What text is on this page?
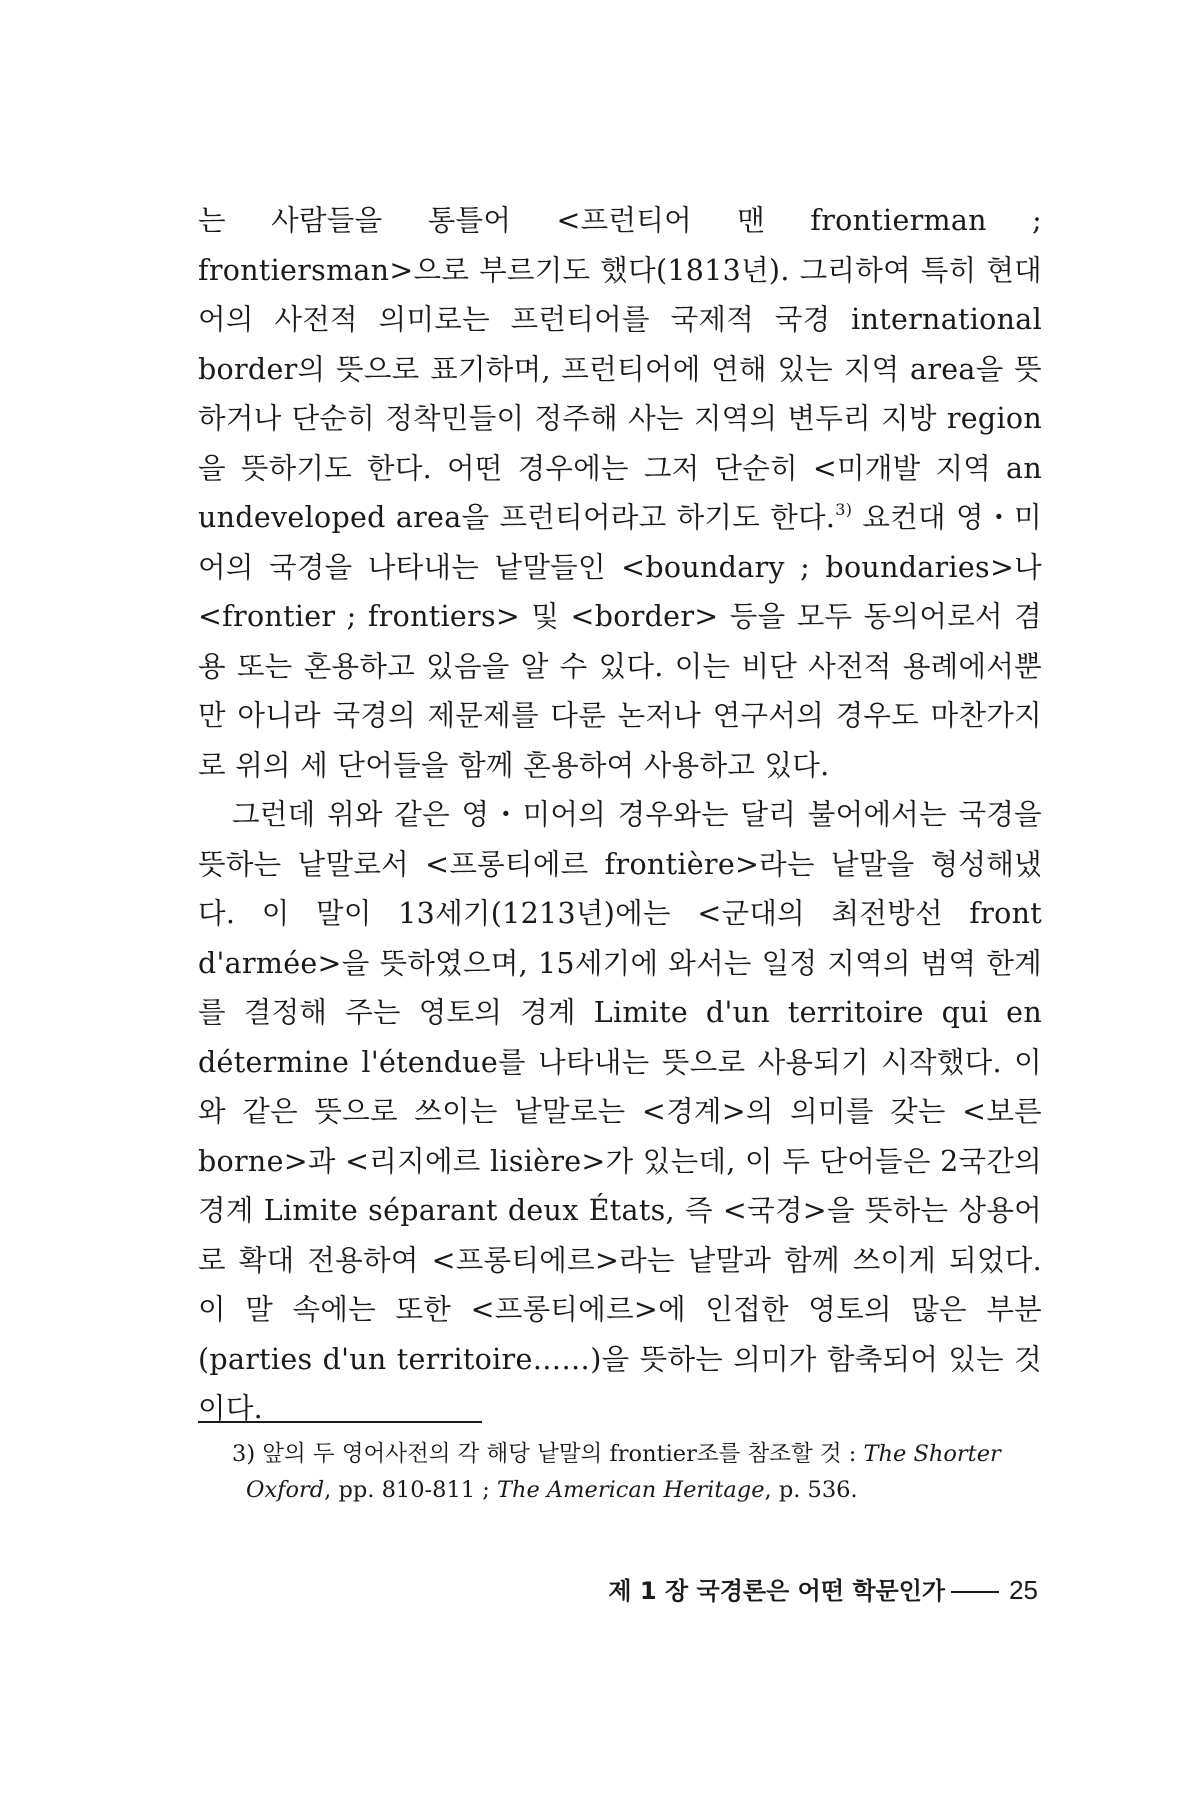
는 사람들을 통틀어 <프런티어 맨 frontierman ; frontiersman>으로 부르기도 했다(1813년). 그리하여 특히 현대어의 사전적 의미로는 프런티어를 국제적 국경 international border의 뜻으로 표기하며, 프런티어에 연해 있는 지역 area을 뜻하거나 단순히 정착민들이 정주해 사는 지역의 변두리 지방 region을 뜻하기도 한다. 어떤 경우에는 그저 단순히 <미개발 지역 an undeveloped area을 프런티어라고 하기도 한다.$^{3)}$ 요컨대 영・미어의 국경을 나타내는 낱말들인 <boundary ; boundaries>나 <frontier ; frontiers> 및 <border> 등을 모두 동의어로서 겸용 또는 혼용하고 있음을 알 수 있다. 이는 비단 사전적 용례에서뿐만 아니라 국경의 제문제를 다룬 논저나 연구서의 경우도 마찬가지로 위의 세 단어들을 함께 혼용하여 사용하고 있다.

그런데 위와 같은 영・미어의 경우와는 달리 불어에서는 국경을 뜻하는 낱말로서 <프롱티에르 frontière>라는 낱말을 형성해냈다. 이 말이 13세기(1213년)에는 <군대의 최전방선 front d'armée>을 뜻하였으며, 15세기에 와서는 일정 지역의 범역 한계를 결정해 주는 영토의 경계 Limite d'un territoire qui en détermine l'étendue를 나타내는 뜻으로 사용되기 시작했다. 이와 같은 뜻으로 쓰이는 낱말로는 <경계>의 의미를 갖는 <보른 borne>과 <리지에르 lisière>가 있는데, 이 두 단어들은 2국간의 경계 Limite séparant deux États, 즉 <국경>을 뜻하는 상용어로 확대 전용하여 <프롱티에르>라는 낱말과 함께 쓰이게 되었다. 이 말 속에는 또한 <프롱티에르>에 인접한 영토의 많은 부분(parties d'un territoire……)을 뜻하는 의미가 함축되어 있는 것이다.

3) 앞의 두 영어사전의 각 해당 낱말의 frontier조를 참조할 것 : The Shorter Oxford, pp. 810-811 ; The American Heritage, p. 536.
제 1 장 국경론은 어떤 학문인가 25
